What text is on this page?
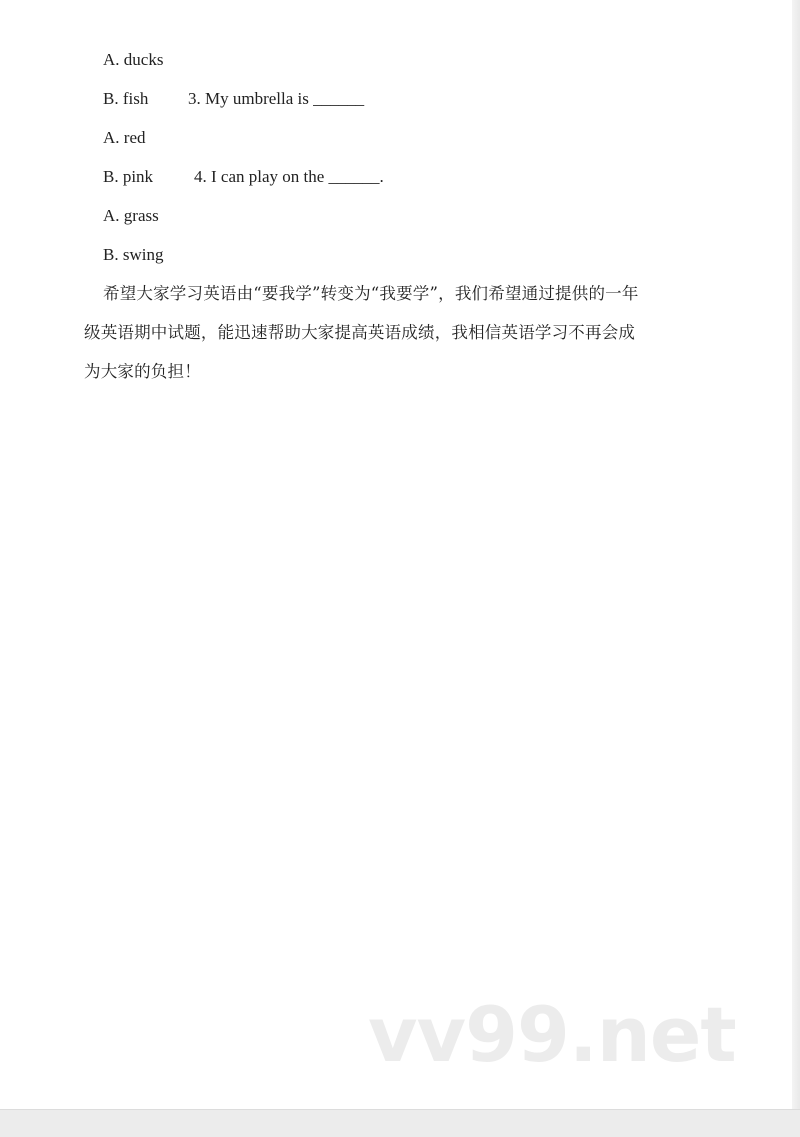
A. ducks
B. fish 3. My umbrella is ______
A. red
B. pink 4. I can play on the ______.
A. grass
B. swing
希望大家学习英语由“要我学”转变为“我要学”，我们希望通过提供的一年
级英语期中试题，能迅速帮助大家提高英语成绩，我相信英语学习不再会成
为大家的负担！
vv99.net
